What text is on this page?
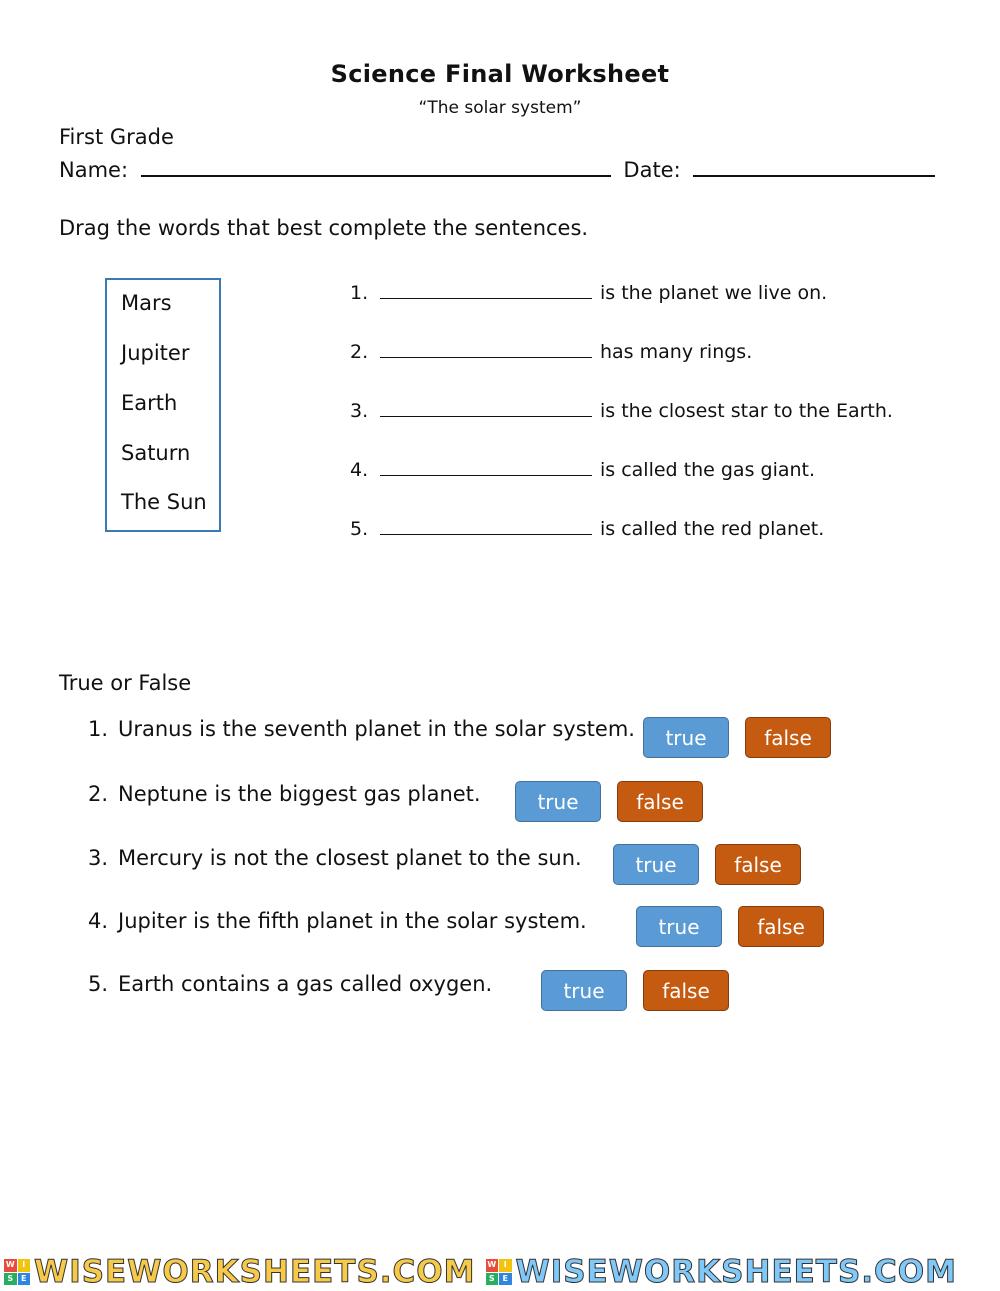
Science Final Worksheet
“The solar system”
First Grade
Name:	Date:
Drag the words that best complete the sentences.
Mars
Jupiter
Earth
Saturn
The Sun
1.	is the planet we live on.
2.	has many rings.
3.	is the closest star to the Earth.
4.	is called the gas giant.
5.	is called the red planet.
True or False
1. Uranus is the seventh planet in the solar system.	true	false
2. Neptune is the biggest gas planet.	true	false
3. Mercury is not the closest planet to the sun.	true	false
4. Jupiter is the fifth planet in the solar system.	true	false
5. Earth contains a gas called oxygen.	true	false
W I
S E WISEWORKSHEETS.COM W I
S E WISEWORKSHEETS.COM
